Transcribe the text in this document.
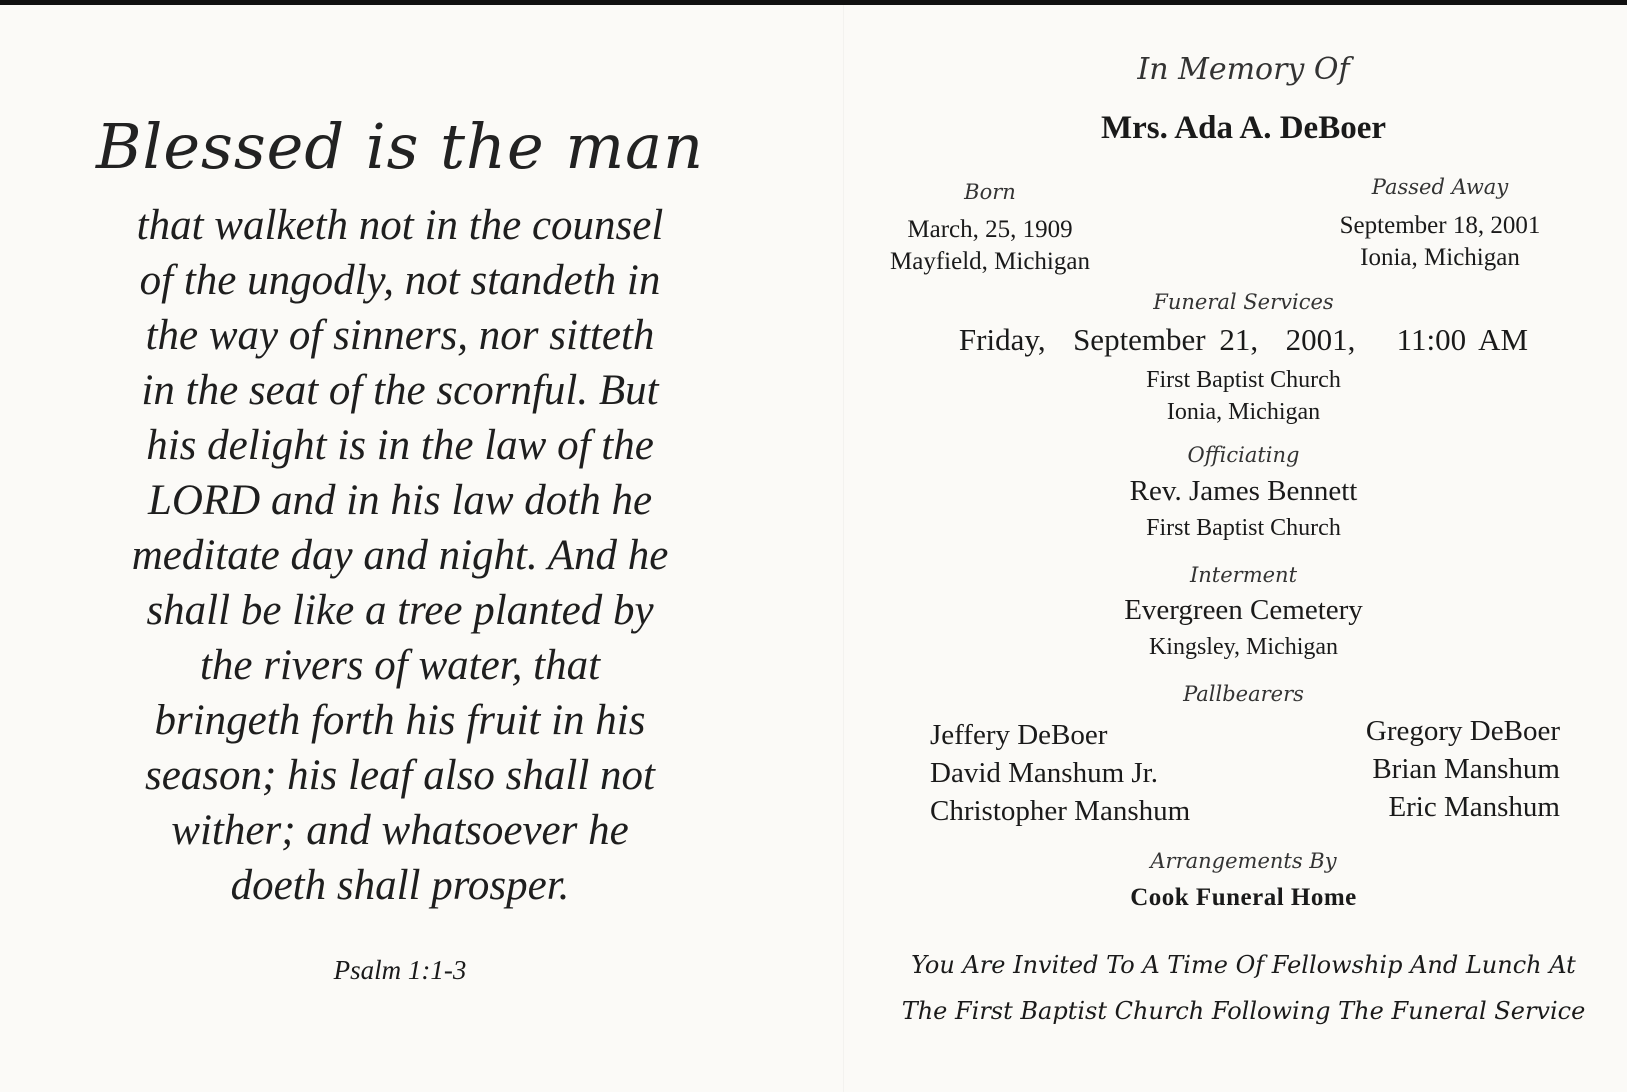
Blessed is the man
that walketh not in the counsel
of the ungodly, not standeth in
the way of sinners, nor sitteth
in the seat of the scornful. But
his delight is in the law of the
LORD and in his law doth he
meditate day and night. And he
shall be like a tree planted by
the rivers of water, that
bringeth forth his fruit in his
season; his leaf also shall not
wither; and whatsoever he
doeth shall prosper.
Psalm 1:1-3
In Memory Of
Mrs. Ada A. DeBoer
Born
March, 25, 1909
Mayfield, Michigan
Passed Away
September 18, 2001
Ionia, Michigan
Funeral Services
Friday,  September 21,  2001,   11:00 AM
First Baptist Church
Ionia, Michigan
Officiating
Rev. James Bennett
First Baptist Church
Interment
Evergreen Cemetery
Kingsley, Michigan
Pallbearers
Jeffery DeBoer
David Manshum Jr.
Christopher Manshum
Gregory DeBoer
Brian Manshum
Eric Manshum
Arrangements By
Cook Funeral Home
You Are Invited To A Time Of Fellowship And Lunch At
The First Baptist Church Following The Funeral Service
